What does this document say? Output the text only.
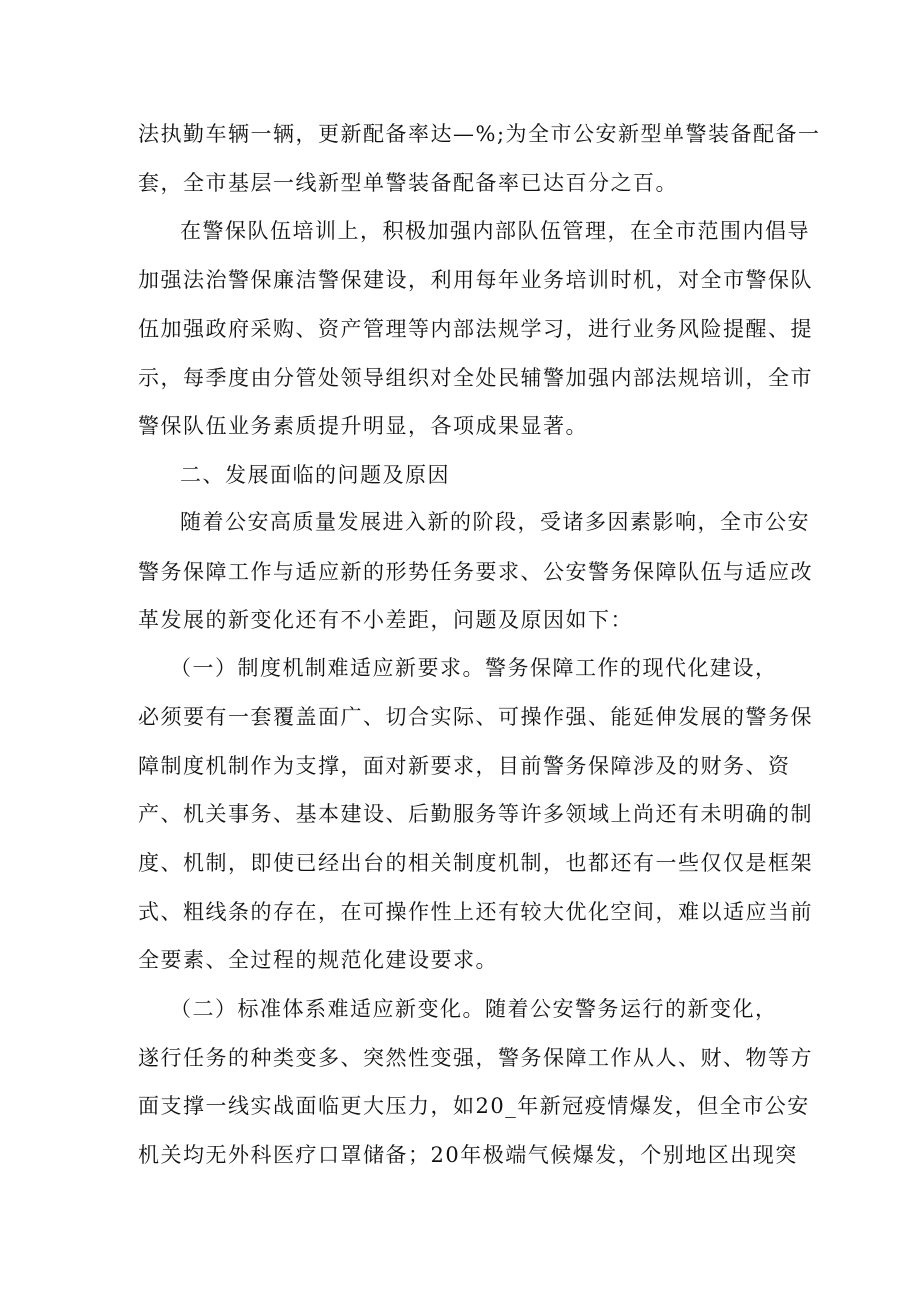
法执勤车辆一辆，更新配备率达—%;为全市公安新型单警装备配备一
套，全市基层一线新型单警装备配备率已达百分之百。
在警保队伍培训上，积极加强内部队伍管理，在全市范围内倡导
加强法治警保廉洁警保建设，利用每年业务培训时机，对全市警保队
伍加强政府采购、资产管理等内部法规学习，进行业务风险提醒、提
示，每季度由分管处领导组织对全处民辅警加强内部法规培训，全市
警保队伍业务素质提升明显，各项成果显著。
二、发展面临的问题及原因
随着公安高质量发展进入新的阶段，受诸多因素影响，全市公安
警务保障工作与适应新的形势任务要求、公安警务保障队伍与适应改
革发展的新变化还有不小差距，问题及原因如下：
（一）制度机制难适应新要求。警务保障工作的现代化建设，
必须要有一套覆盖面广、切合实际、可操作强、能延伸发展的警务保
障制度机制作为支撑，面对新要求，目前警务保障涉及的财务、资
产、机关事务、基本建设、后勤服务等许多领域上尚还有未明确的制
度、机制，即使已经出台的相关制度机制，也都还有一些仅仅是框架
式、粗线条的存在，在可操作性上还有较大优化空间，难以适应当前
全要素、全过程的规范化建设要求。
（二）标准体系难适应新变化。随着公安警务运行的新变化，
遂行任务的种类变多、突然性变强，警务保障工作从人、财、物等方
面支撑一线实战面临更大压力，如20_年新冠疫情爆发，但全市公安
机关均无外科医疗口罩储备；20年极端气候爆发，个别地区出现突
